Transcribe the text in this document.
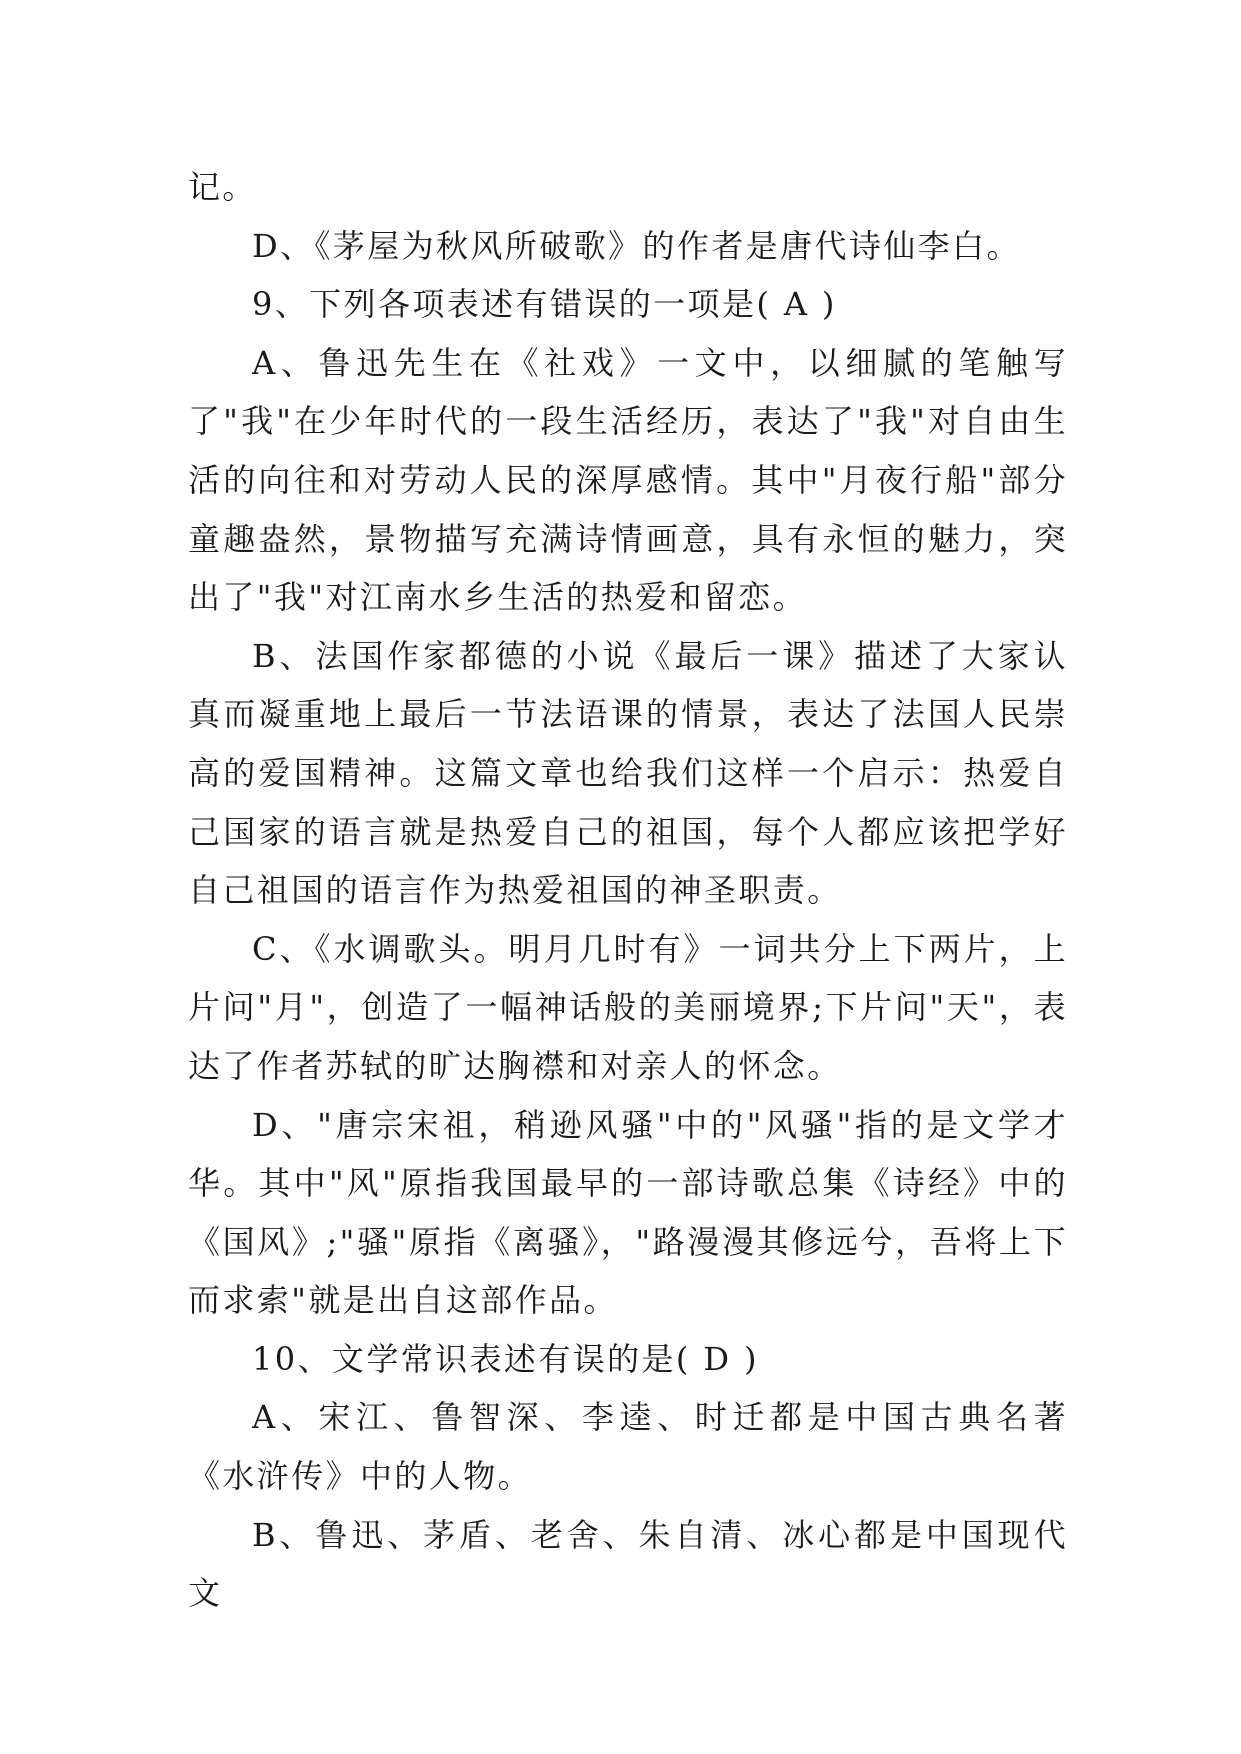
记。

D、《茅屋为秋风所破歌》的作者是唐代诗仙李白。

9、下列各项表述有错误的一项是( A )

A、鲁迅先生在《社戏》一文中，以细腻的笔触写了"我"在少年时代的一段生活经历，表达了"我"对自由生活的向往和对劳动人民的深厚感情。其中"月夜行船"部分童趣盎然，景物描写充满诗情画意，具有永恒的魅力，突出了"我"对江南水乡生活的热爱和留恋。

B、法国作家都德的小说《最后一课》描述了大家认真而凝重地上最后一节法语课的情景，表达了法国人民崇高的爱国精神。这篇文章也给我们这样一个启示：热爱自己国家的语言就是热爱自己的祖国，每个人都应该把学好自己祖国的语言作为热爱祖国的神圣职责。

C、《水调歌头。明月几时有》一词共分上下两片，上片问"月"，创造了一幅神话般的美丽境界;下片问"天"，表达了作者苏轼的旷达胸襟和对亲人的怀念。

D、"唐宗宋祖，稍逊风骚"中的"风骚"指的是文学才华。其中"风"原指我国最早的一部诗歌总集《诗经》中的《国风》;"骚"原指《离骚》，"路漫漫其修远兮，吾将上下而求索"就是出自这部作品。

10、文学常识表述有误的是( D )

A、宋江、鲁智深、李逵、时迁都是中国古典名著《水浒传》中的人物。

B、鲁迅、茅盾、老舍、朱自清、冰心都是中国现代文
